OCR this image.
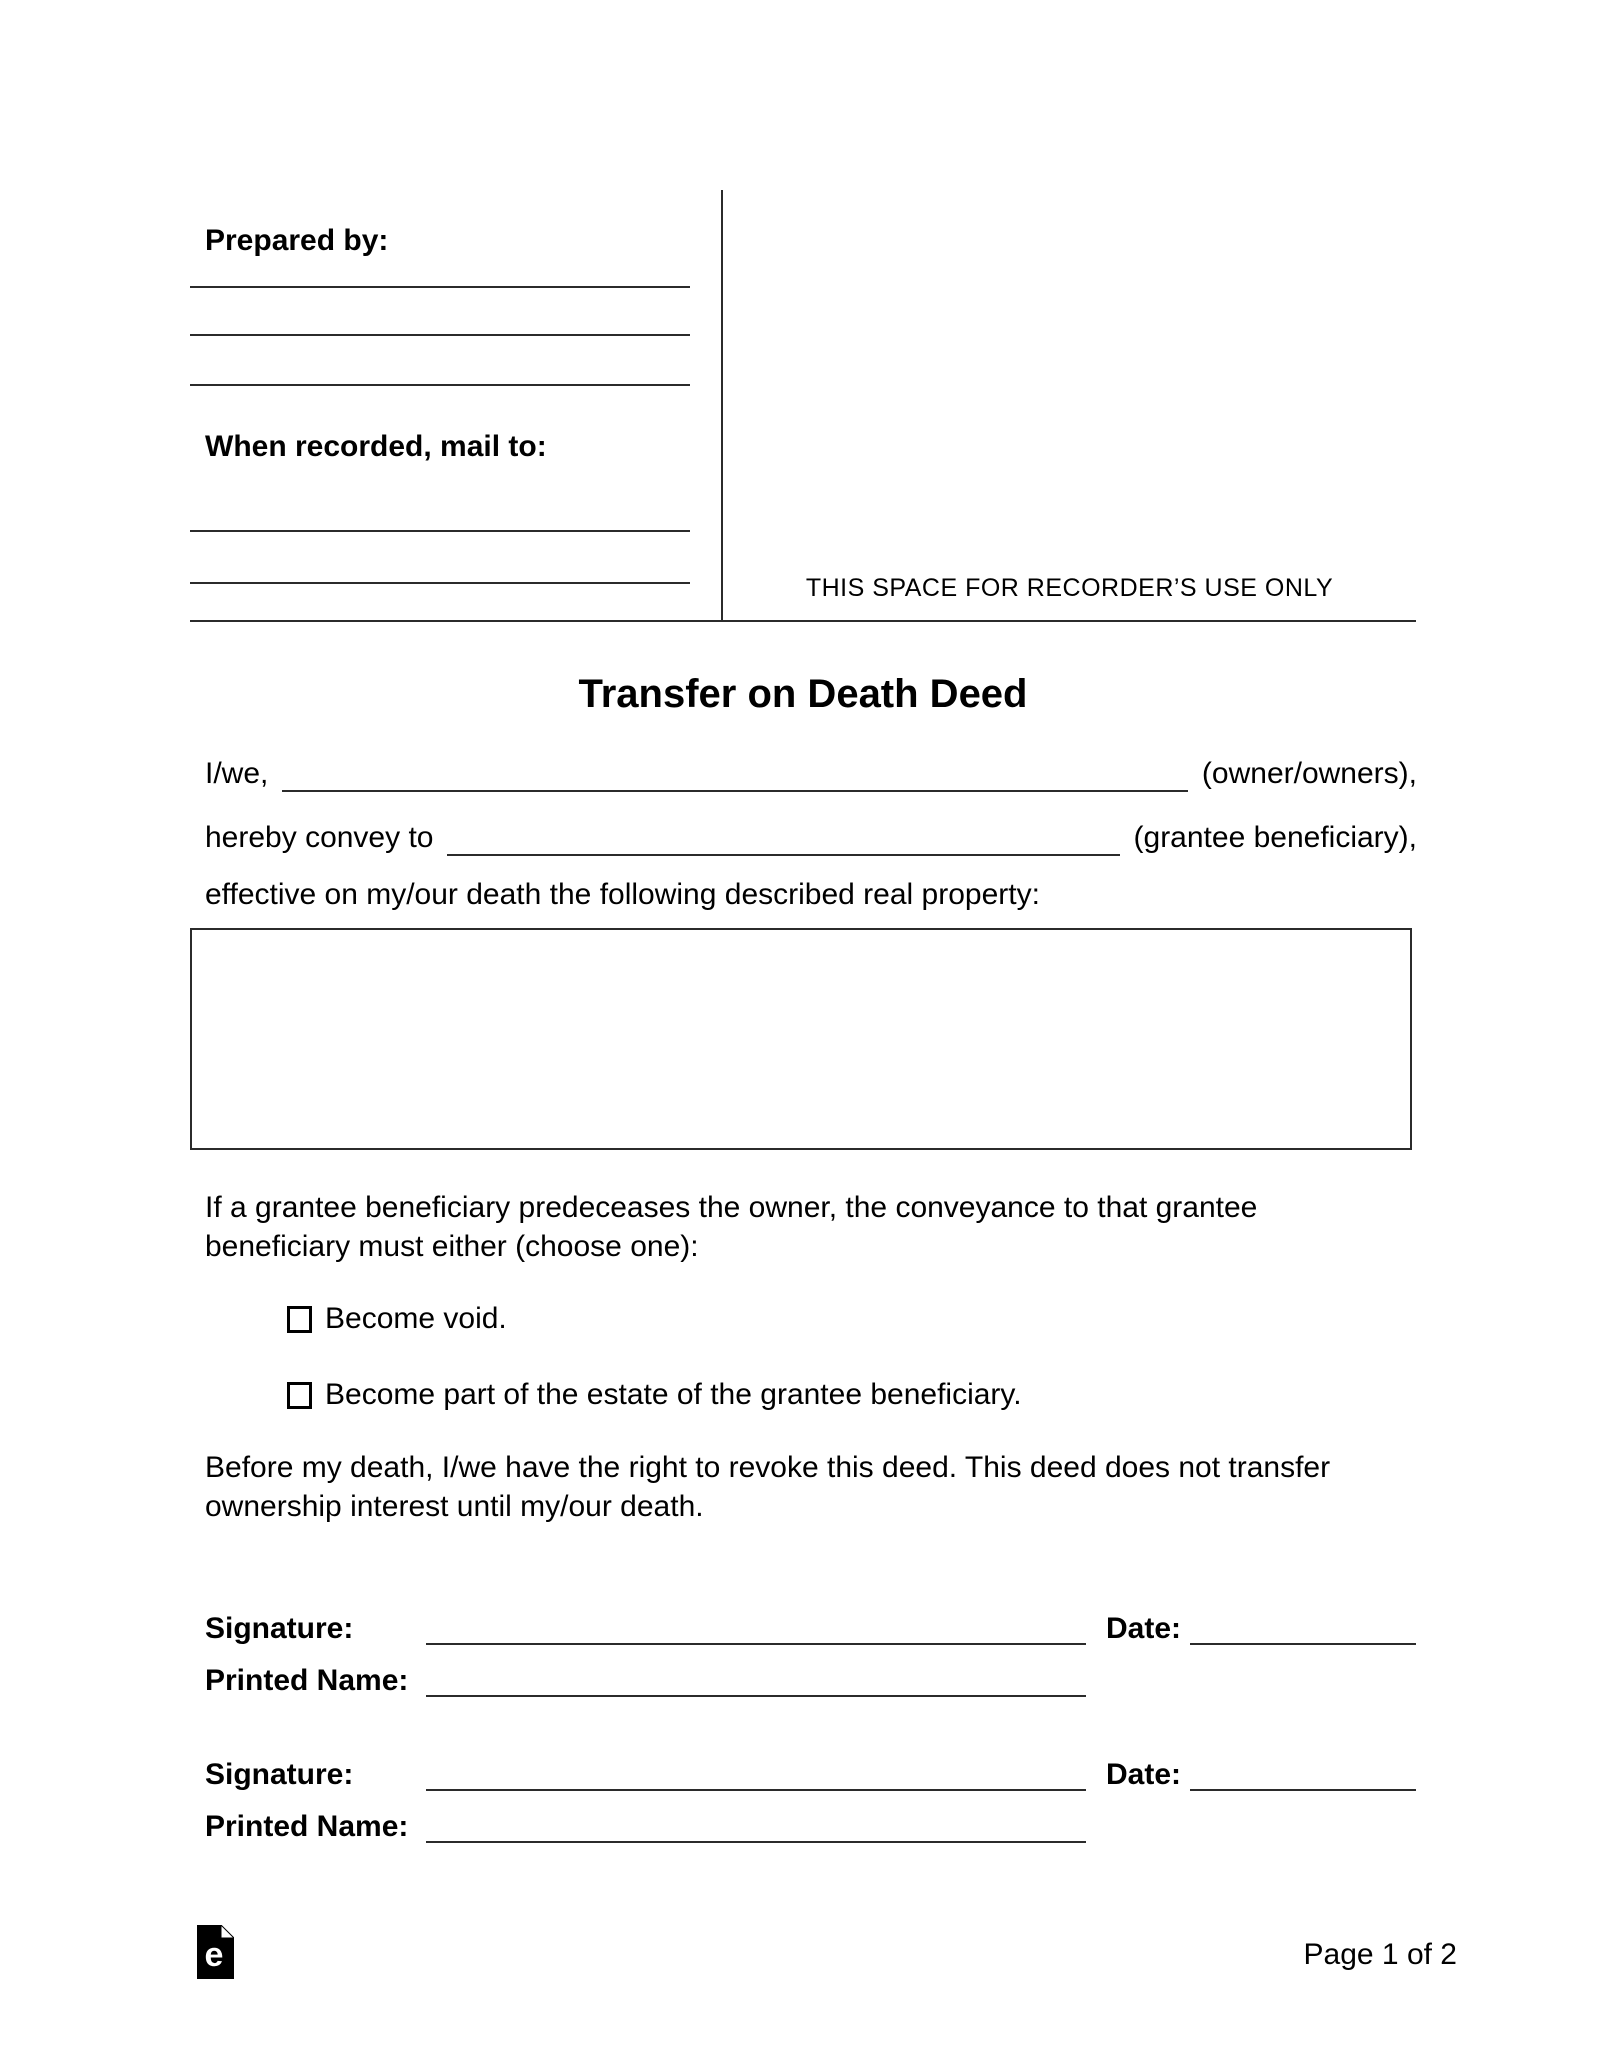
Prepared by:
When recorded, mail to:
THIS SPACE FOR RECORDER’S USE ONLY
Transfer on Death Deed
I/we,	(owner/owners),
hereby convey to	(grantee beneficiary),
effective on my/our death the following described real property:
If a grantee beneficiary predeceases the owner, the conveyance to that grantee beneficiary must either (choose one):
Become void.
Become part of the estate of the grantee beneficiary.
Before my death, I/we have the right to revoke this deed. This deed does not transfer ownership interest until my/our death.
Signature:	Date:
Printed Name:
Signature:	Date:
Printed Name:
e	Page 1 of 2
